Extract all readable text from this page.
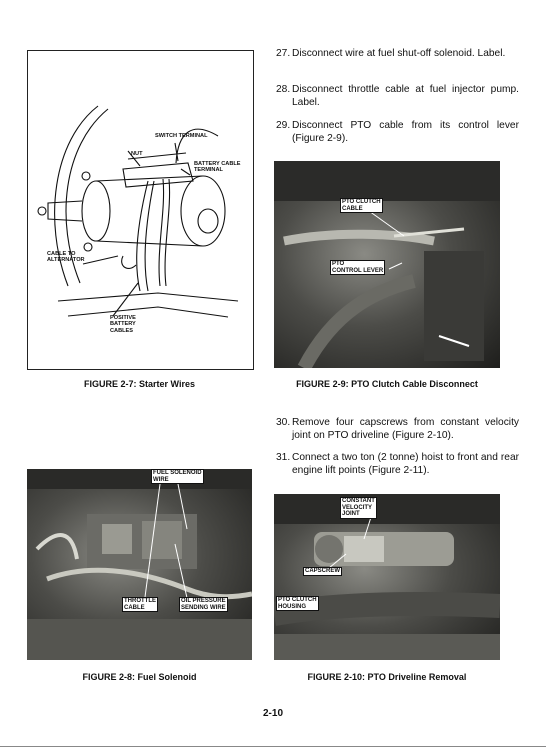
SWITCH TERMINAL
NUT
BATTERY CABLE
TERMINAL
CABLE TO
ALTERNATOR
POSITIVE
BATTERY
CABLES
FIGURE 2-7: Starter Wires
FUEL SOLENOID
WIRE
THROTTLE
CABLE
OIL PRESSURE
SENDING WIRE
FIGURE 2-8: Fuel Solenoid
27. Disconnect wire at fuel shut-off solenoid. Label.
28. Disconnect throttle cable at fuel injector pump. Label.
29. Disconnect PTO cable from its control lever (Figure 2-9).
PTO CLUTCH
CABLE
PTO
CONTROL LEVER
FIGURE 2-9: PTO Clutch Cable Disconnect
30. Remove four capscrews from constant velocity joint on PTO driveline (Figure 2-10).
31. Connect a two ton (2 tonne) hoist to front and rear engine lift points (Figure 2-11).
CONSTANT
VELOCITY
JOINT
CAPSCREW
PTO CLUTCH
HOUSING
FIGURE 2-10: PTO Driveline Removal
2-10
